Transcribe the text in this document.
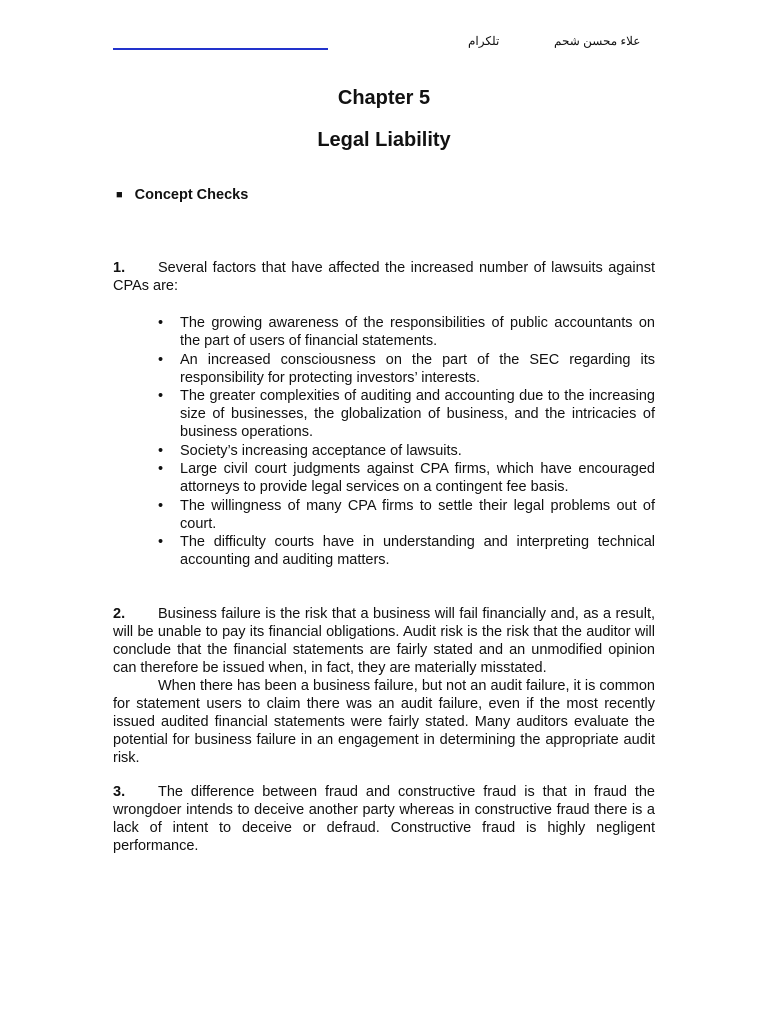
تلكرام	علاء محسن شحم
Chapter 5
Legal Liability
■ Concept Checks
1. Several factors that have affected the increased number of lawsuits against CPAs are:
• The growing awareness of the responsibilities of public accountants on the part of users of financial statements.
• An increased consciousness on the part of the SEC regarding its responsibility for protecting investors’ interests.
• The greater complexities of auditing and accounting due to the increasing size of businesses, the globalization of business, and the intricacies of business operations.
• Society’s increasing acceptance of lawsuits.
• Large civil court judgments against CPA firms, which have encouraged attorneys to provide legal services on a contingent fee basis.
• The willingness of many CPA firms to settle their legal problems out of court.
• The difficulty courts have in understanding and interpreting technical accounting and auditing matters.
2. Business failure is the risk that a business will fail financially and, as a result, will be unable to pay its financial obligations. Audit risk is the risk that the auditor will conclude that the financial statements are fairly stated and an unmodified opinion can therefore be issued when, in fact, they are materially misstated.
When there has been a business failure, but not an audit failure, it is common for statement users to claim there was an audit failure, even if the most recently issued audited financial statements were fairly stated. Many auditors evaluate the potential for business failure in an engagement in determining the appropriate audit risk.
3. The difference between fraud and constructive fraud is that in fraud the wrongdoer intends to deceive another party whereas in constructive fraud there is a lack of intent to deceive or defraud. Constructive fraud is highly negligent performance.
